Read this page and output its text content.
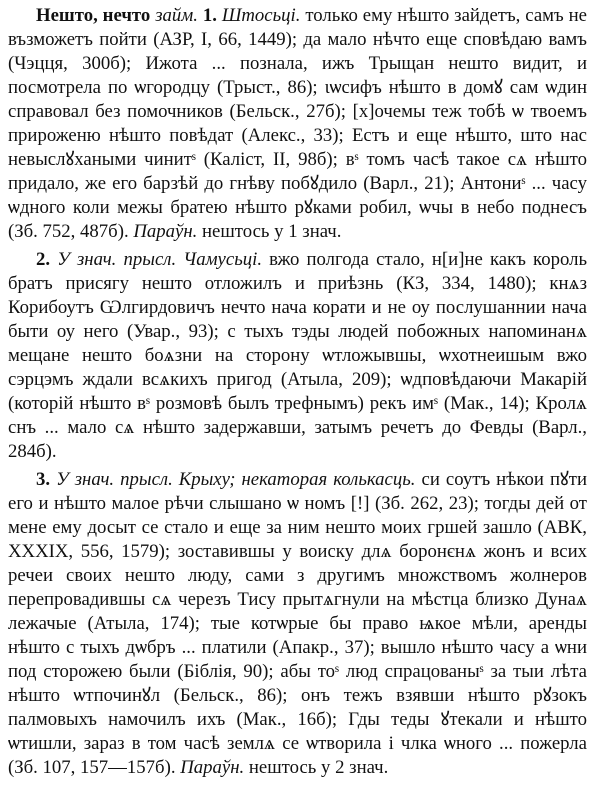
Нешто, нечто займ. 1. Штосьці. только ему нѣшто зайдетъ, самъ не възможетъ пойти (АЗР, I, 66, 1449); да мало нѣчто еще сповѣдаю вамъ (Чэцця, 300б); Ижота ... познала, ижъ Трыщан нешто видит, и посмотрела по ѡгородцу (Трыст., 86); ιѡсифъ нѣшто в домꙋ сам ѡдин справовал без помочников (Бельск., 27б); [х]очемы теж тобѣ ѡ твоемъ прироженю нѣшто повѣдат (Алекс., 33); Естъ и еще нѣшто, што нас невыслꙋхаными чинитˢ (Калiст, II, 98б); вˢ томъ часѣ такое сѧ нѣшто придало, же его барзѣй до гнѣву побꙋдило (Варл., 21); Антониˢ ... часу ѡдного коли межы братею нѣшто рꙋками робил, ѡчы в небо поднесъ (Зб. 752, 487б). Параўн. нештось у 1 знач.

2. У знач. прысл. Чамусьці. вжо полгода стало, н[и]не какъ король братъ присягу нешто отложилъ и приѣзнь (КЗ, 334, 1480); кнѧз Корибоутъ Ѡлгирдовичъ нечто нача корати и не оу послушаннии нача быти оу него (Увар., 93); с тыхъ тэды людей побожных напоминанѧ мещане нешто боѧзни на сторону ѡтложывшы, ѡхотнеишым вжо сэрцэмъ ждали всѧкихъ пригод (Атыла, 209); ѡдповѣдаючи Макарій (которій нѣшто вˢ розмовѣ былъ трефнымъ) рекъ имˢ (Мак., 14); Кролѧ снъ ... мало сѧ нѣшто задержавши, затымъ речетъ до Февды (Варл., 284б).

3. У знач. прысл. Крыху; некаторая колькасць. си соутъ нѣкои пꙋти его и нѣшто малое рѣчи слышано ѡ номъ [!] (Зб. 262, 23); тогды дей от мене ему досыт се стало и еще за ним нешто моих гршей зашло (АВК, XXXIX, 556, 1579); зоставившы у воиску длѧ боронєнѧ жонъ и всих речеи своих нешто люду, сами з другимъ множствомъ жолнеров перепровадившы сѧ черезъ Тису прытѧгнули на мѣстца близко Дунаѧ лежачые (Атыла, 174); тые котѡрые бы право ѩкое мѣли, аренды нѣшто с тыхъ дѡбръ ... платили (Апакр., 37); вышло нѣшто часу а ѡни под сторожею были (Біблія, 90); абы тоˢ люд спрацованыˢ за тыи лѣта нѣшто ѡтпочинꙋл (Бельск., 86); онъ тежъ взявши нѣшто рꙋзокъ палмовыхъ намочилъ ихъ (Мак., 16б); Гды теды ꙋтекали и нѣшто ѡтишли, зараз в том часѣ землѧ се ѡтворила і члка ѡного ... пожерла (Зб. 107, 157—157б). Параўн. нештось у 2 знач.
